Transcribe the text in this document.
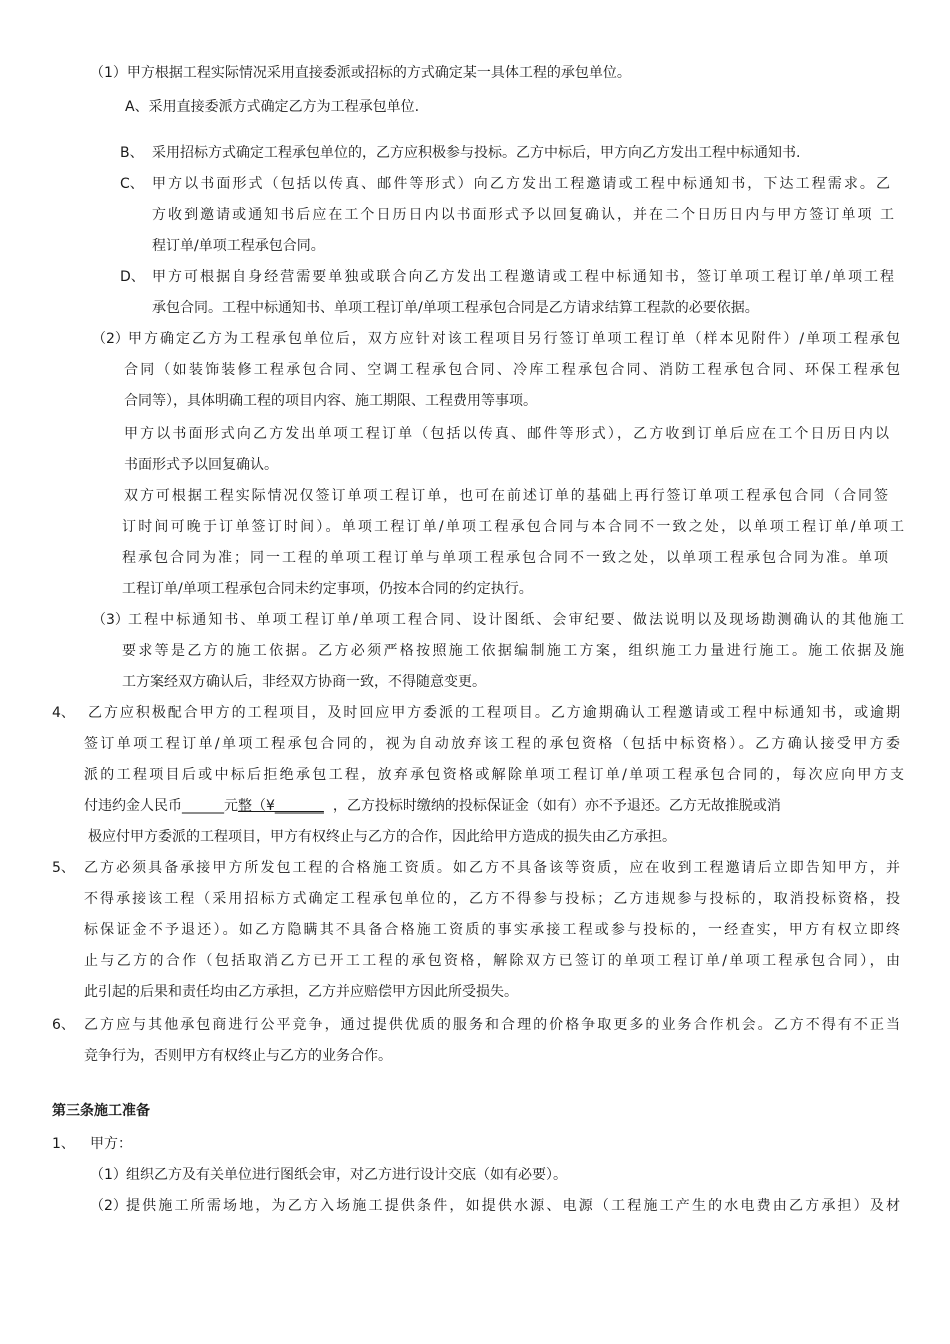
（1）甲方根据工程实际情况采用直接委派或招标的方式确定某一具体工程的承包单位。
A、采用直接委派方式确定乙方为工程承包单位.
B、 采用招标方式确定工程承包单位的，乙方应积极参与投标。乙方中标后，甲方向乙方发出工程中标通知书.
C、 甲方以书面形式（包括以传真、邮件等形式）向乙方发出工程邀请或工程中标通知书，下达工程需求。乙
方收到邀请或通知书后应在工个日历日内以书面形式予以回复确认，并在二个日历日内与甲方签订单项 工
程订单/单项工程承包合同。
D、 甲方可根据自身经营需要单独或联合向乙方发出工程邀请或工程中标通知书，签订单项工程订单/单项工程
承包合同。工程中标通知书、单项工程订单/单项工程承包合同是乙方请求结算工程款的必要依据。
（2） 甲方确定乙方为工程承包单位后，双方应针对该工程项目另行签订单项工程订单（样本见附件）/单项工程承包
合同（如装饰装修工程承包合同、空调工程承包合同、冷库工程承包合同、消防工程承包合同、环保工程承包
合同等），具体明确工程的项目内容、施工期限、工程费用等事项。
甲方以书面形式向乙方发出单项工程订单（包括以传真、邮件等形式），乙方收到订单后应在工个日历日内以
书面形式予以回复确认。
双方可根据工程实际情况仅签订单项工程订单，也可在前述订单的基础上再行签订单项工程承包合同（合同签
订时间可晚于订单签订时间）。单项工程订单/单项工程承包合同与本合同不一致之处，以单项工程订单/单项工
程承包合同为准；同一工程的单项工程订单与单项工程承包合同不一致之处，以单项工程承包合同为准。单项
工程订单/单项工程承包合同未约定事项，仍按本合同的约定执行。
（3） 工程中标通知书、单项工程订单/单项工程合同、设计图纸、会审纪要、做法说明以及现场勘测确认的其他施工
要求等是乙方的施工依据。乙方必须严格按照施工依据编制施工方案，组织施工力量进行施工。施工依据及施
工方案经双方确认后，非经双方协商一致，不得随意变更。
4、 乙方应积极配合甲方的工程项目，及时回应甲方委派的工程项目。乙方逾期确认工程邀请或工程中标通知书，或逾期
签订单项工程订单/单项工程承包合同的，视为自动放弃该工程的承包资格（包括中标资格）。乙方确认接受甲方委
派的工程项目后或中标后拒绝承包工程，放弃承包资格或解除单项工程订单/单项工程承包合同的，每次应向甲方支
付违约金人民币______元整（¥_______ ，乙方投标时缴纳的投标保证金（如有）亦不予退还。乙方无故推脱或消
极应付甲方委派的工程项目，甲方有权终止与乙方的合作，因此给甲方造成的损失由乙方承担。
5、 乙方必须具备承接甲方所发包工程的合格施工资质。如乙方不具备该等资质，应在收到工程邀请后立即告知甲方，并
不得承接该工程（采用招标方式确定工程承包单位的，乙方不得参与投标；乙方违规参与投标的，取消投标资格，投
标保证金不予退还）。如乙方隐瞒其不具备合格施工资质的事实承接工程或参与投标的，一经查实，甲方有权立即终
止与乙方的合作（包括取消乙方已开工工程的承包资格，解除双方已签订的单项工程订单/单项工程承包合同），由
此引起的后果和责任均由乙方承担，乙方并应赔偿甲方因此所受损失。
6、 乙方应与其他承包商进行公平竞争，通过提供优质的服务和合理的价格争取更多的业务合作机会。乙方不得有不正当
竞争行为，否则甲方有权终止与乙方的业务合作。
第三条施工准备
1、 甲方：
（1） 组织乙方及有关单位进行图纸会审，对乙方进行设计交底（如有必要）。
（2） 提供施工所需场地，为乙方入场施工提供条件，如提供水源、电源（工程施工产生的水电费由乙方承担）及材
